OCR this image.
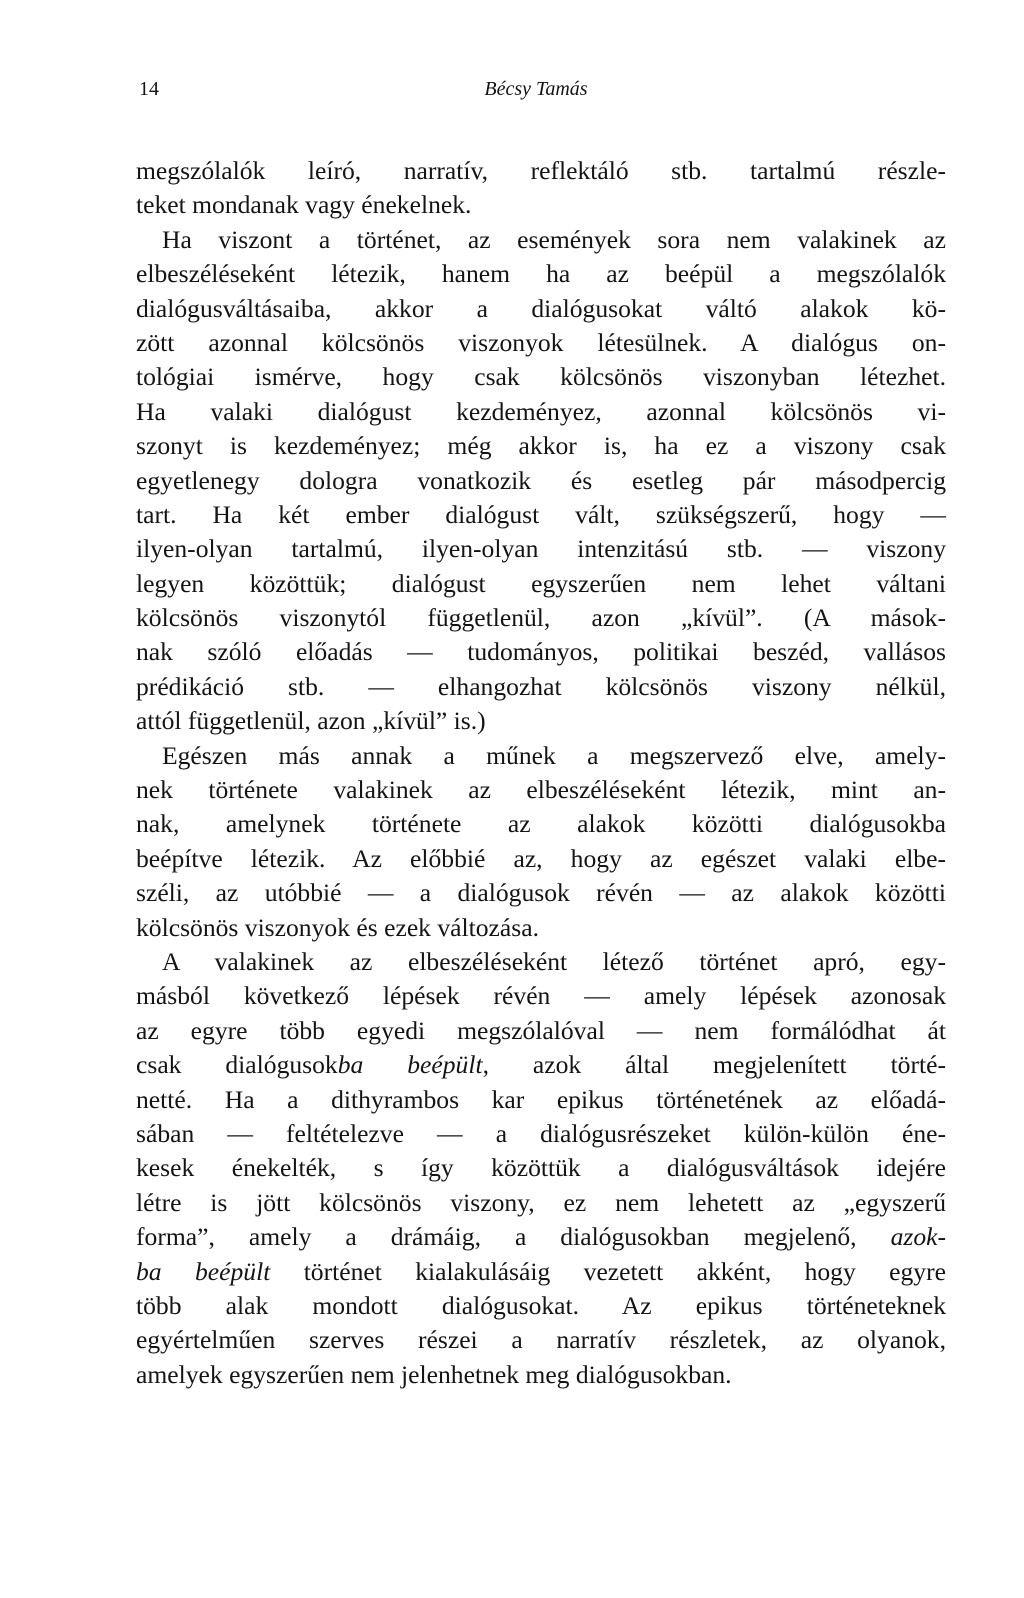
14	Bécsy Tamás
megszólalók leíró, narratív, reflektáló stb. tartalmú részle-
teket mondanak vagy énekelnek.
Ha viszont a történet, az események sora nem valakinek az
elbeszéléseként létezik, hanem ha az beépül a megszólalók
dialógusváltásaiba, akkor a dialógusokat váltó alakok kö-
zött azonnal kölcsönös viszonyok létesülnek. A dialógus on-
tológiai ismérve, hogy csak kölcsönös viszonyban létezhet.
Ha valaki dialógust kezdeményez, azonnal kölcsönös vi-
szonyt is kezdeményez; még akkor is, ha ez a viszony csak
egyetlenegy dologra vonatkozik és esetleg pár másodpercig
tart. Ha két ember dialógust vált, szükségszerű, hogy —
ilyen-olyan tartalmú, ilyen-olyan intenzitású stb. — viszony
legyen közöttük; dialógust egyszerűen nem lehet váltani
kölcsönös viszonytól függetlenül, azon „kívül”. (A mások-
nak szóló előadás — tudományos, politikai beszéd, vallásos
prédikáció stb. — elhangozhat kölcsönös viszony nélkül,
attól függetlenül, azon „kívül” is.)
Egészen más annak a műnek a megszervező elve, amely-
nek története valakinek az elbeszéléseként létezik, mint an-
nak, amelynek története az alakok közötti dialógusokba
beépítve létezik. Az előbbié az, hogy az egészet valaki elbe-
széli, az utóbbié — a dialógusok révén — az alakok közötti
kölcsönös viszonyok és ezek változása.
A valakinek az elbeszéléseként létező történet apró, egy-
másból következő lépések révén — amely lépések azonosak
az egyre több egyedi megszólalóval — nem formálódhat át
csak dialógusokba beépült, azok által megjelenített törté-
netté. Ha a dithyrambos kar epikus történetének az előadá-
sában — feltételezve — a dialógusrészeket külön-külön éne-
kesek énekelték, s így közöttük a dialógusváltások idejére
létre is jött kölcsönös viszony, ez nem lehetett az „egyszerű
forma”, amely a drámáig, a dialógusokban megjelenő, azok-
ba beépült történet kialakulásáig vezetett akként, hogy egyre
több alak mondott dialógusokat. Az epikus történeteknek
egyértelműen szerves részei a narratív részletek, az olyanok,
amelyek egyszerűen nem jelenhetnek meg dialógusokban.
